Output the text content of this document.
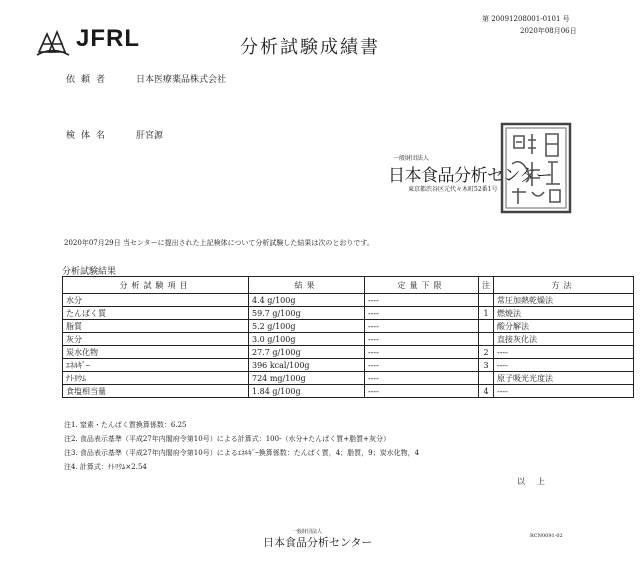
JFRL	分析試験成績書
第 20091208001-0101 号
2020年08月06日
依頼者	日本医療薬品株式会社
検体名	肝宮源
一般財団法人
日本食品分析センター
東京都渋谷区元代々木町52番1号
2020年07月29日 当センターに提出された上記検体について分析試験した結果は次のとおりです。
分析試験結果
分析試験項目	結果	定量下限	注	方法
水分	4.4 g/100g	----		常圧加熱乾燥法
たんぱく質	59.7 g/100g	----	1	燃焼法
脂質	5.2 g/100g	----		酸分解法
灰分	3.0 g/100g	----		直接灰化法
炭水化物	27.7 g/100g	----	2	----
ｴﾈﾙｷﾞｰ	396 kcal/100g	----	3	----
ﾅﾄﾘｳﾑ	724 mg/100g	----		原子吸光光度法
食塩相当量	1.84 g/100g	----	4	----
注1. 窒素・たんぱく質換算係数：6.25
注2. 食品表示基準（平成27年内閣府令第10号）による計算式：100-（水分+たんぱく質+脂質+灰分）
注3. 食品表示基準（平成27年内閣府令第10号）によるｴﾈﾙｷﾞｰ換算係数：たんぱく質，4；脂質，9；炭水化物，4
注4. 計算式：ﾅﾄﾘｳﾑ×2.54
以上
一般財団法人
日本食品分析センター	RCN0091-02
